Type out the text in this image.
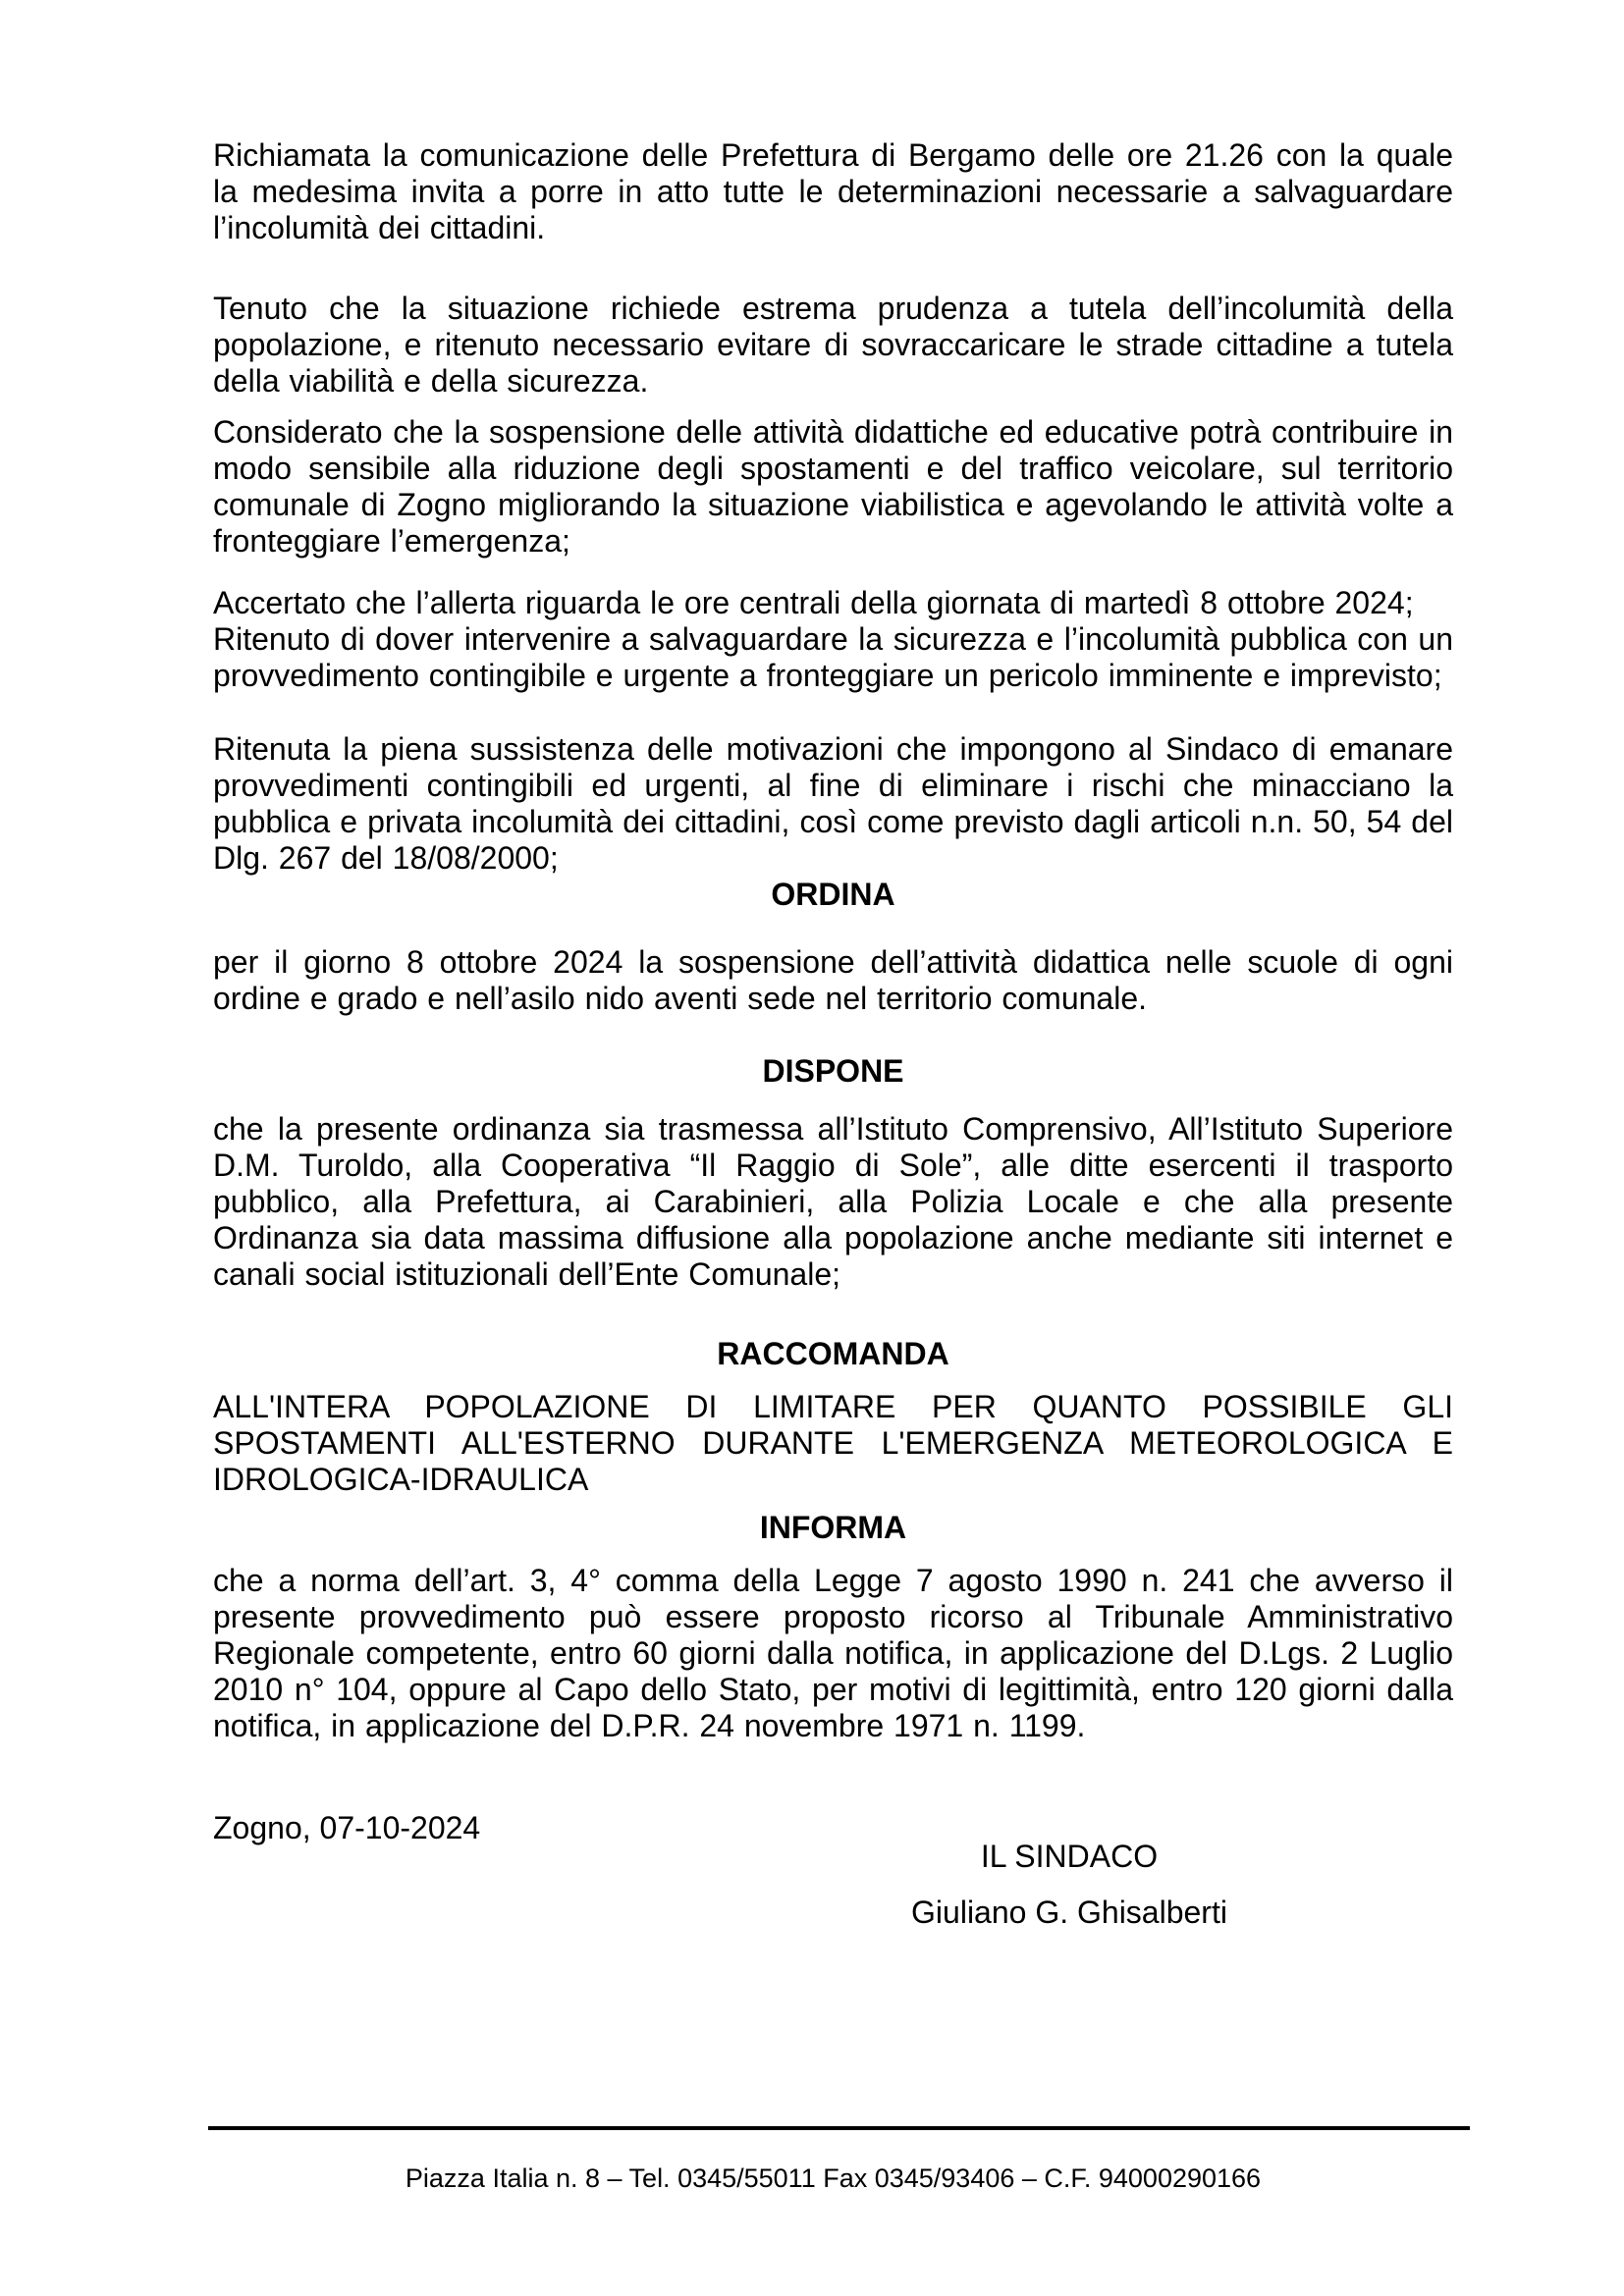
Richiamata la comunicazione delle Prefettura di Bergamo delle ore 21.26 con la quale la medesima invita a porre in atto tutte le determinazioni necessarie a salvaguardare l’incolumità dei cittadini.

Tenuto che la situazione richiede estrema prudenza a tutela dell’incolumità della popolazione, e ritenuto necessario evitare di sovraccaricare le strade cittadine a tutela della viabilità e della sicurezza.

Considerato che la sospensione delle attività didattiche ed educative potrà contribuire in modo sensibile alla riduzione degli spostamenti e del traffico veicolare, sul territorio comunale di Zogno migliorando la situazione viabilistica e agevolando le attività volte a fronteggiare l’emergenza;

Accertato che l’allerta riguarda le ore centrali della giornata di martedì 8 ottobre 2024;

Ritenuto di dover intervenire a salvaguardare la sicurezza e l’incolumità pubblica con un provvedimento contingibile e urgente a fronteggiare un pericolo imminente e imprevisto;

Ritenuta la piena sussistenza delle motivazioni che impongono al Sindaco di emanare provvedimenti contingibili ed urgenti, al fine di eliminare i rischi che minacciano la pubblica e privata incolumità dei cittadini, così come previsto dagli articoli n.n. 50, 54 del Dlg. 267 del 18/08/2000;

ORDINA

per il giorno 8 ottobre 2024 la sospensione dell’attività didattica nelle scuole di ogni ordine e grado e nell’asilo nido aventi sede nel territorio comunale.

DISPONE

che la presente ordinanza sia trasmessa all’Istituto Comprensivo, All’Istituto Superiore D.M. Turoldo, alla Cooperativa “Il Raggio di Sole”, alle ditte esercenti il trasporto pubblico, alla Prefettura, ai Carabinieri, alla Polizia Locale e che alla presente Ordinanza sia data massima diffusione alla popolazione anche mediante siti internet e canali social istituzionali dell’Ente Comunale;

RACCOMANDA

ALL'INTERA POPOLAZIONE DI LIMITARE PER QUANTO POSSIBILE GLI SPOSTAMENTI ALL'ESTERNO DURANTE L'EMERGENZA METEOROLOGICA E IDROLOGICA-IDRAULICA

INFORMA

che a norma dell’art. 3, 4° comma della Legge 7 agosto 1990 n. 241 che avverso il presente provvedimento può essere proposto ricorso al Tribunale Amministrativo Regionale competente, entro 60 giorni dalla notifica, in applicazione del D.Lgs. 2 Luglio 2010 n° 104, oppure al Capo dello Stato, per motivi di legittimità, entro 120 giorni dalla notifica, in applicazione del D.P.R. 24 novembre 1971 n. 1199.

Zogno, 07-10-2024
IL SINDACO
Giuliano G. Ghisalberti
Piazza Italia n. 8 – Tel. 0345/55011 Fax 0345/93406 – C.F. 94000290166
